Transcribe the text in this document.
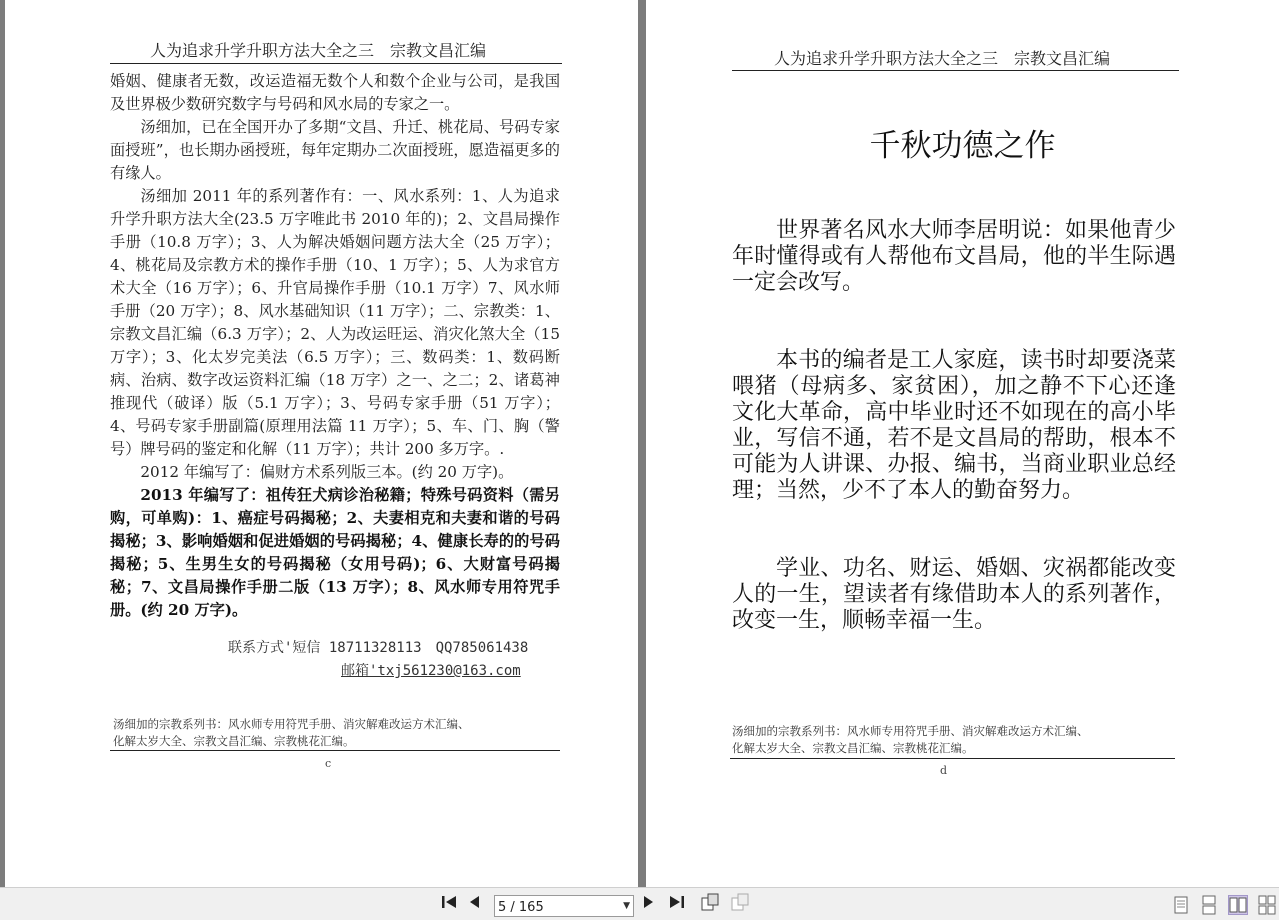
人为追求升学升职方法大全之三　宗教文昌汇编

婚姻、健康者无数，改运造福无数个人和数个企业与公司，是我国及世界极少数研究数字与号码和风水局的专家之一。

汤细加，已在全国开办了多期“文昌、升迁、桃花局、号码专家面授班”，也长期办函授班，每年定期办二次面授班，愿造福更多的有缘人。

汤细加 2011 年的系列著作有：一、风水系列：1、人为追求升学升职方法大全(23.5 万字唯此书 2010 年的)；2、文昌局操作手册（10.8 万字）；3、人为解决婚姻问题方法大全（25 万字）；4、桃花局及宗教方术的操作手册（10、1 万字）；5、人为求官方术大全（16 万字）；6、升官局操作手册（10.1 万字）7、风水师手册（20 万字）；8、风水基础知识（11 万字）；二、宗教类：1、宗教文昌汇编（6.3 万字）；2、人为改运旺运、消灾化煞大全（15 万字）；3、化太岁完美法（6.5 万字）；三、数码类：1、数码断病、治病、数字改运资料汇编（18 万字）之一、之二；2、诸葛神推现代（破译）版（5.1 万字）；3、号码专家手册（51 万字）；4、号码专家手册副篇(原理用法篇 11 万字）；5、车、门、胸（警号）牌号码的鉴定和化解（11 万字）；共计 200 多万字。.

2012 年编写了：偏财方术系列版三本。(约 20 万字)。

2013 年编写了：祖传狂犬病诊治秘籍；特殊号码资料（需另购，可单购)：1、癌症号码揭秘；2、夫妻相克和夫妻和谐的号码揭秘；3、影响婚姻和促进婚姻的号码揭秘；4、健康长寿的的号码揭秘；5、生男生女的号码揭秘（女用号码)；6、大财富号码揭秘；7、文昌局操作手册二版（13 万字）；8、风水师专用符咒手册。(约 20 万字)。

联系方式'短信 18711328113　QQ785061438
邮箱'txj561230@163.com
汤细加的宗教系列书：风水师专用符咒手册、消灾解难改运方术汇编、
化解太岁大全、宗教文昌汇编、宗教桃花汇编。
c
人为追求升学升职方法大全之三　宗教文昌汇编
千秋功德之作

世界著名风水大师李居明说：如果他青少年时懂得或有人帮他布文昌局，他的半生际遇一定会改写。

本书的编者是工人家庭，读书时却要浇菜喂猪（母病多、家贫困），加之静不下心还逢文化大革命，高中毕业时还不如现在的高小毕业，写信不通，若不是文昌局的帮助，根本不可能为人讲课、办报、编书，当商业职业总经理；当然，少不了本人的勤奋努力。

学业、功名、财运、婚姻、灾祸都能改变人的一生，望读者有缘借助本人的系列著作，改变一生，顺畅幸福一生。

汤细加的宗教系列书：风水师专用符咒手册、消灾解难改运方术汇编、
化解太岁大全、宗教文昌汇编、宗教桃花汇编。
d
5 / 165
▼
